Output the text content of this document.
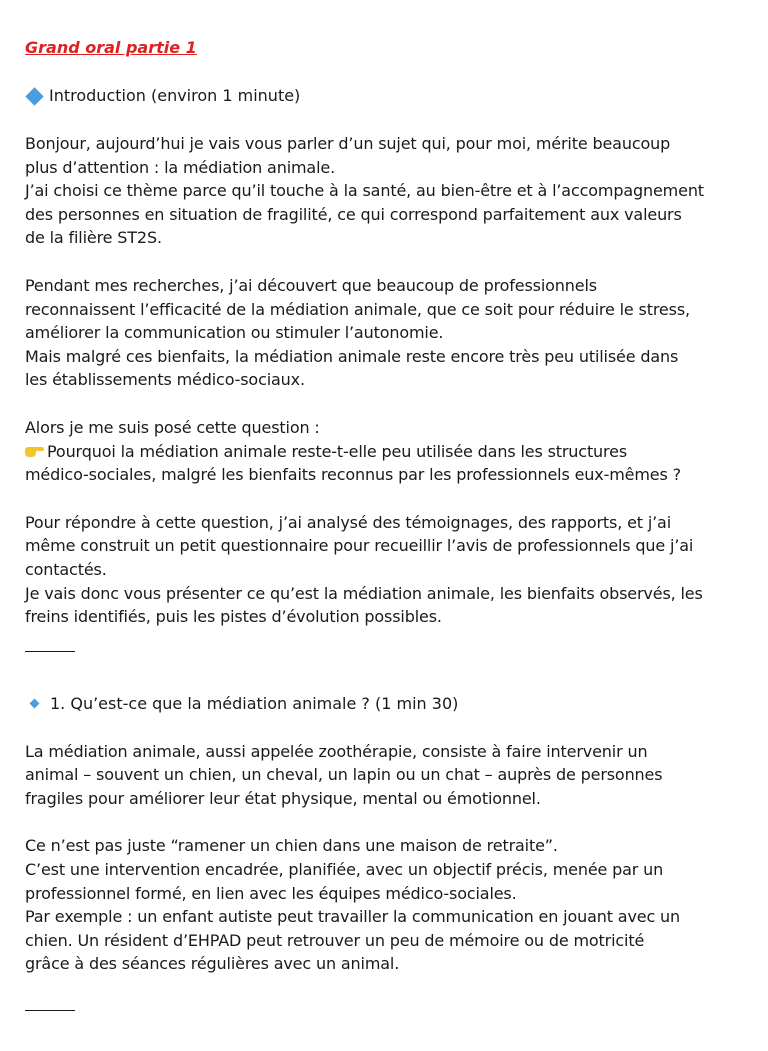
Grand oral partie 1
Introduction (environ 1 minute)
Bonjour, aujourd’hui je vais vous parler d’un sujet qui, pour moi, mérite beaucoup
plus d’attention : la médiation animale.
J’ai choisi ce thème parce qu’il touche à la santé, au bien-être et à l’accompagnement
des personnes en situation de fragilité, ce qui correspond parfaitement aux valeurs
de la filière ST2S.
Pendant mes recherches, j’ai découvert que beaucoup de professionnels
reconnaissent l’efficacité de la médiation animale, que ce soit pour réduire le stress,
améliorer la communication ou stimuler l’autonomie.
Mais malgré ces bienfaits, la médiation animale reste encore très peu utilisée dans
les établissements médico-sociaux.
Alors je me suis posé cette question :
Pourquoi la médiation animale reste-t-elle peu utilisée dans les structures
médico-sociales, malgré les bienfaits reconnus par les professionnels eux-mêmes ?
Pour répondre à cette question, j’ai analysé des témoignages, des rapports, et j’ai
même construit un petit questionnaire pour recueillir l’avis de professionnels que j’ai
contactés.
Je vais donc vous présenter ce qu’est la médiation animale, les bienfaits observés, les
freins identifiés, puis les pistes d’évolution possibles.
1. Qu’est-ce que la médiation animale ? (1 min 30)
La médiation animale, aussi appelée zoothérapie, consiste à faire intervenir un
animal – souvent un chien, un cheval, un lapin ou un chat – auprès de personnes
fragiles pour améliorer leur état physique, mental ou émotionnel.
Ce n’est pas juste “ramener un chien dans une maison de retraite”.
C’est une intervention encadrée, planifiée, avec un objectif précis, menée par un
professionnel formé, en lien avec les équipes médico-sociales.
Par exemple : un enfant autiste peut travailler la communication en jouant avec un
chien. Un résident d’EHPAD peut retrouver un peu de mémoire ou de motricité
grâce à des séances régulières avec un animal.
